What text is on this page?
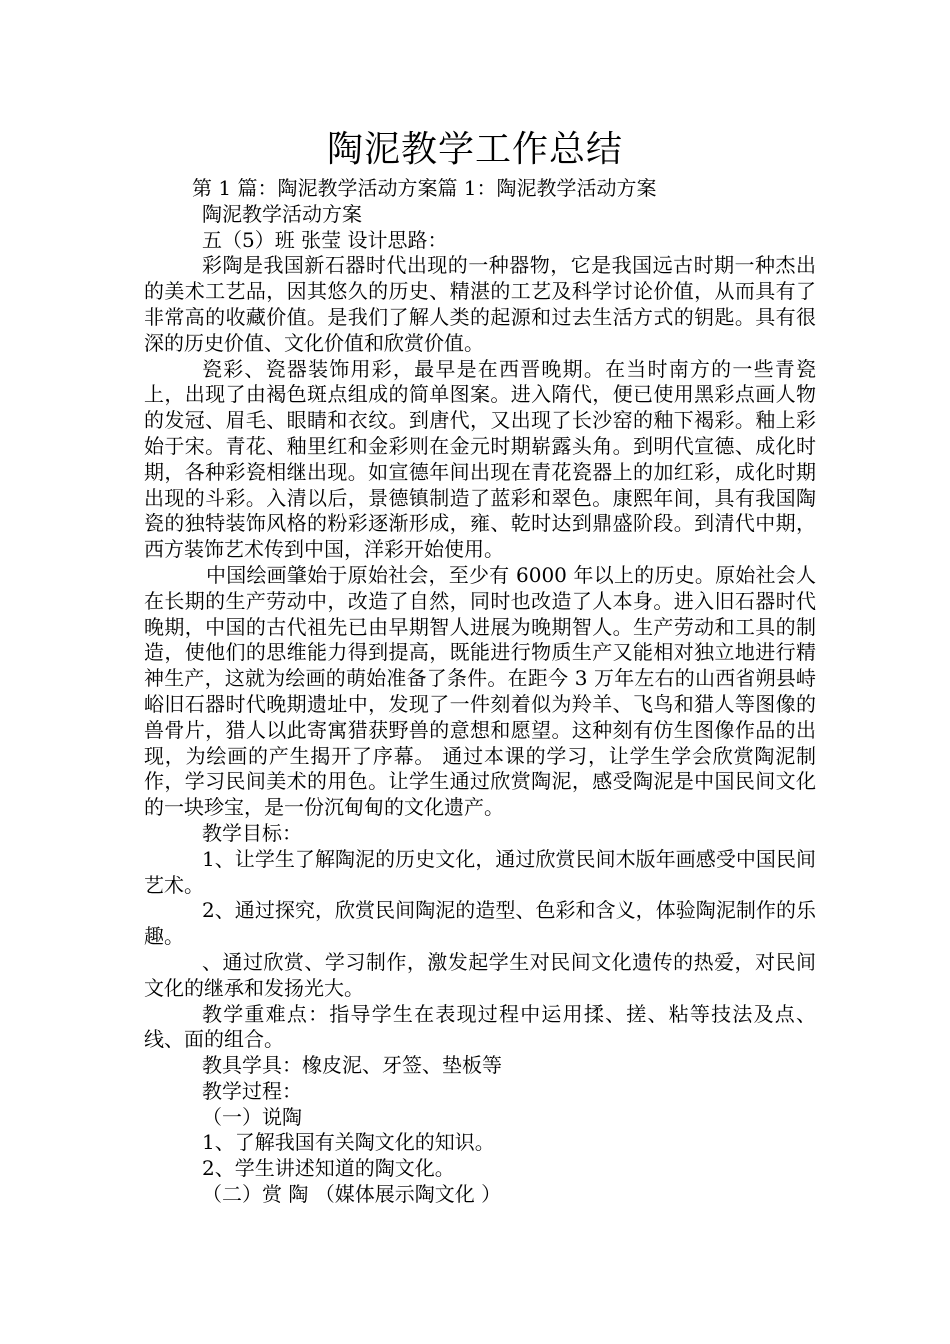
陶泥教学工作总结

第 1 篇：陶泥教学活动方案篇 1：陶泥教学活动方案

陶泥教学活动方案

五（5）班 张莹 设计思路：

彩陶是我国新石器时代出现的一种器物，它是我国远古时期一种杰出的美术工艺品，因其悠久的历史、精湛的工艺及科学讨论价值，从而具有了非常高的收藏价值。是我们了解人类的起源和过去生活方式的钥匙。具有很深的历史价值、文化价值和欣赏价值。

瓷彩、瓷器装饰用彩，最早是在西晋晚期。在当时南方的一些青瓷上，出现了由褐色斑点组成的简单图案。进入隋代，便已使用黑彩点画人物的发冠、眉毛、眼睛和衣纹。到唐代，又出现了长沙窑的釉下褐彩。釉上彩始于宋。青花、釉里红和金彩则在金元时期崭露头角。到明代宣德、成化时期，各种彩瓷相继出现。如宣德年间出现在青花瓷器上的加红彩，成化时期出现的斗彩。入清以后，景德镇制造了蓝彩和翠色。康熙年间，具有我国陶瓷的独特装饰风格的粉彩逐渐形成，雍、乾时达到鼎盛阶段。到清代中期，西方装饰艺术传到中国，洋彩开始使用。

中国绘画肇始于原始社会，至少有 6000 年以上的历史。原始社会人在长期的生产劳动中，改造了自然，同时也改造了人本身。进入旧石器时代晚期，中国的古代祖先已由早期智人进展为晚期智人。生产劳动和工具的制造，使他们的思维能力得到提高，既能进行物质生产又能相对独立地进行精神生产，这就为绘画的萌始准备了条件。在距今 3 万年左右的山西省朔县峙峪旧石器时代晚期遗址中，发现了一件刻着似为羚羊、飞鸟和猎人等图像的兽骨片，猎人以此寄寓猎获野兽的意想和愿望。这种刻有仿生图像作品的出现，为绘画的产生揭开了序幕。 通过本课的学习，让学生学会欣赏陶泥制作，学习民间美术的用色。让学生通过欣赏陶泥，感受陶泥是中国民间文化的一块珍宝，是一份沉甸甸的文化遗产。

教学目标：

1、让学生了解陶泥的历史文化，通过欣赏民间木版年画感受中国民间艺术。

2、通过探究，欣赏民间陶泥的造型、色彩和含义，体验陶泥制作的乐趣。

、通过欣赏、学习制作，激发起学生对民间文化遗传的热爱，对民间文化的继承和发扬光大。

教学重难点：指导学生在表现过程中运用揉、搓、粘等技法及点、线、面的组合。

教具学具：橡皮泥、牙签、垫板等

教学过程：

（一）说陶

1、了解我国有关陶文化的知识。

2、学生讲述知道的陶文化。

（二）赏 陶 （媒体展示陶文化 ）
